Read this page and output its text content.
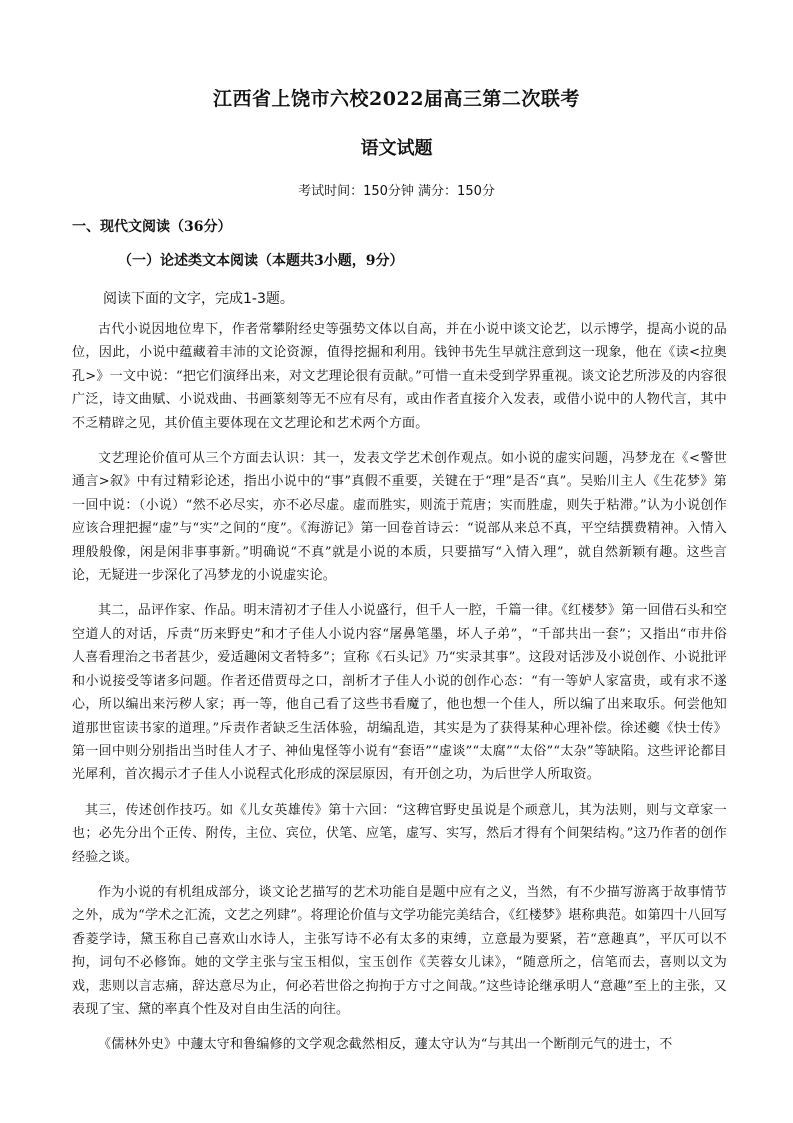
江西省上饶市六校2022届高三第二次联考
语文试题
考试时间：150分钟 满分：150分
一、现代文阅读（36分）
（一）论述类文本阅读（本题共3小题，9分）
阅读下面的文字，完成1-3题。

古代小说因地位卑下，作者常攀附经史等强势文体以自高，并在小说中谈文论艺，以示博学，提高小说的品位，因此，小说中蕴藏着丰沛的文论资源，值得挖掘和利用。钱钟书先生早就注意到这一现象，他在《读<拉奥孔>》一文中说：“把它们演绎出来，对文艺理论很有贡献。”可惜一直未受到学界重视。谈文论艺所涉及的内容很广泛，诗文曲赋、小说戏曲、书画篆刻等无不应有尽有，或由作者直接介入发表，或借小说中的人物代言，其中不乏精辟之见，其价值主要体现在文艺理论和艺术两个方面。

文艺理论价值可从三个方面去认识：其一，发表文学艺术创作观点。如小说的虚实问题，冯梦龙在《<警世通言>叙》中有过精彩论述，指出小说中的“事”真假不重要，关键在于“理”是否“真”。吴贻川主人《生花梦》第一回中说：（小说）“然不必尽实，亦不必尽虚。虚而胜实，则流于荒唐；实而胜虚，则失于粘滞。”认为小说创作应该合理把握“虚”与“实”之间的“度”。《海游记》第一回卷首诗云：“说部从来总不真，平空结撰费精神。入情入理般般像，闲是闲非事事新。”明确说“不真”就是小说的本质，只要描写“入情入理”，就自然新颖有趣。这些言论，无疑进一步深化了冯梦龙的小说虚实论。

其二，品评作家、作品。明末清初才子佳人小说盛行，但千人一腔，千篇一律。《红楼梦》第一回借石头和空空道人的对话，斥责“历来野史”和才子佳人小说内容“屠鼻笔墨，坏人子弟”，“千部共出一套”；又指出“市井俗人喜看理治之书者甚少，爱适趣闲文者特多”；宣称《石头记》乃“实录其事”。这段对话涉及小说创作、小说批评和小说接受等诸多问题。作者还借贾母之口，剖析才子佳人小说的创作心态：“有一等妒人家富贵，或有求不遂心，所以编出来污秽人家；再一等，他自己看了这些书看魔了，他也想一个佳人，所以编了出来取乐。何尝他知道那世宦读书家的道理。”斥责作者缺乏生活体验，胡编乱造，其实是为了获得某种心理补偿。徐述夔《快士传》第一回中则分别指出当时佳人才子、神仙鬼怪等小说有“套语”“虚谈”“太腐”“太俗”“太杂”等缺陷。这些评论都目光犀利，首次揭示才子佳人小说程式化形成的深层原因，有开创之功，为后世学人所取资。

其三，传述创作技巧。如《儿女英雄传》第十六回：“这稗官野史虽说是个顽意儿，其为法则，则与文章家一也；必先分出个正传、附传，主位、宾位，伏笔、应笔，虚写、实写，然后才得有个间架结构。”这乃作者的创作经验之谈。

作为小说的有机组成部分，谈文论艺描写的艺术功能自是题中应有之义，当然，有不少描写游离于故事情节之外，成为“学术之汇流，文艺之列肆”。将理论价值与文学功能完美结合，《红楼梦》堪称典范。如第四十八回写香菱学诗，黛玉称自己喜欢山水诗人，主张写诗不必有太多的束缚，立意最为要紧，若“意趣真”，平仄可以不拘，词句不必修饰。她的文学主张与宝玉相似，宝玉创作《芙蓉女儿诔》，“随意所之，信笔而去，喜则以文为戏，悲则以言志痛，辞达意尽为止，何必若世俗之拘拘于方寸之间哉。”这些诗论继承明人“意趣”至上的主张，又表现了宝、黛的率真个性及对自由生活的向往。

《儒林外史》中蘧太守和鲁编修的文学观念截然相反，蘧太守认为“与其出一个断削元气的进士，不
